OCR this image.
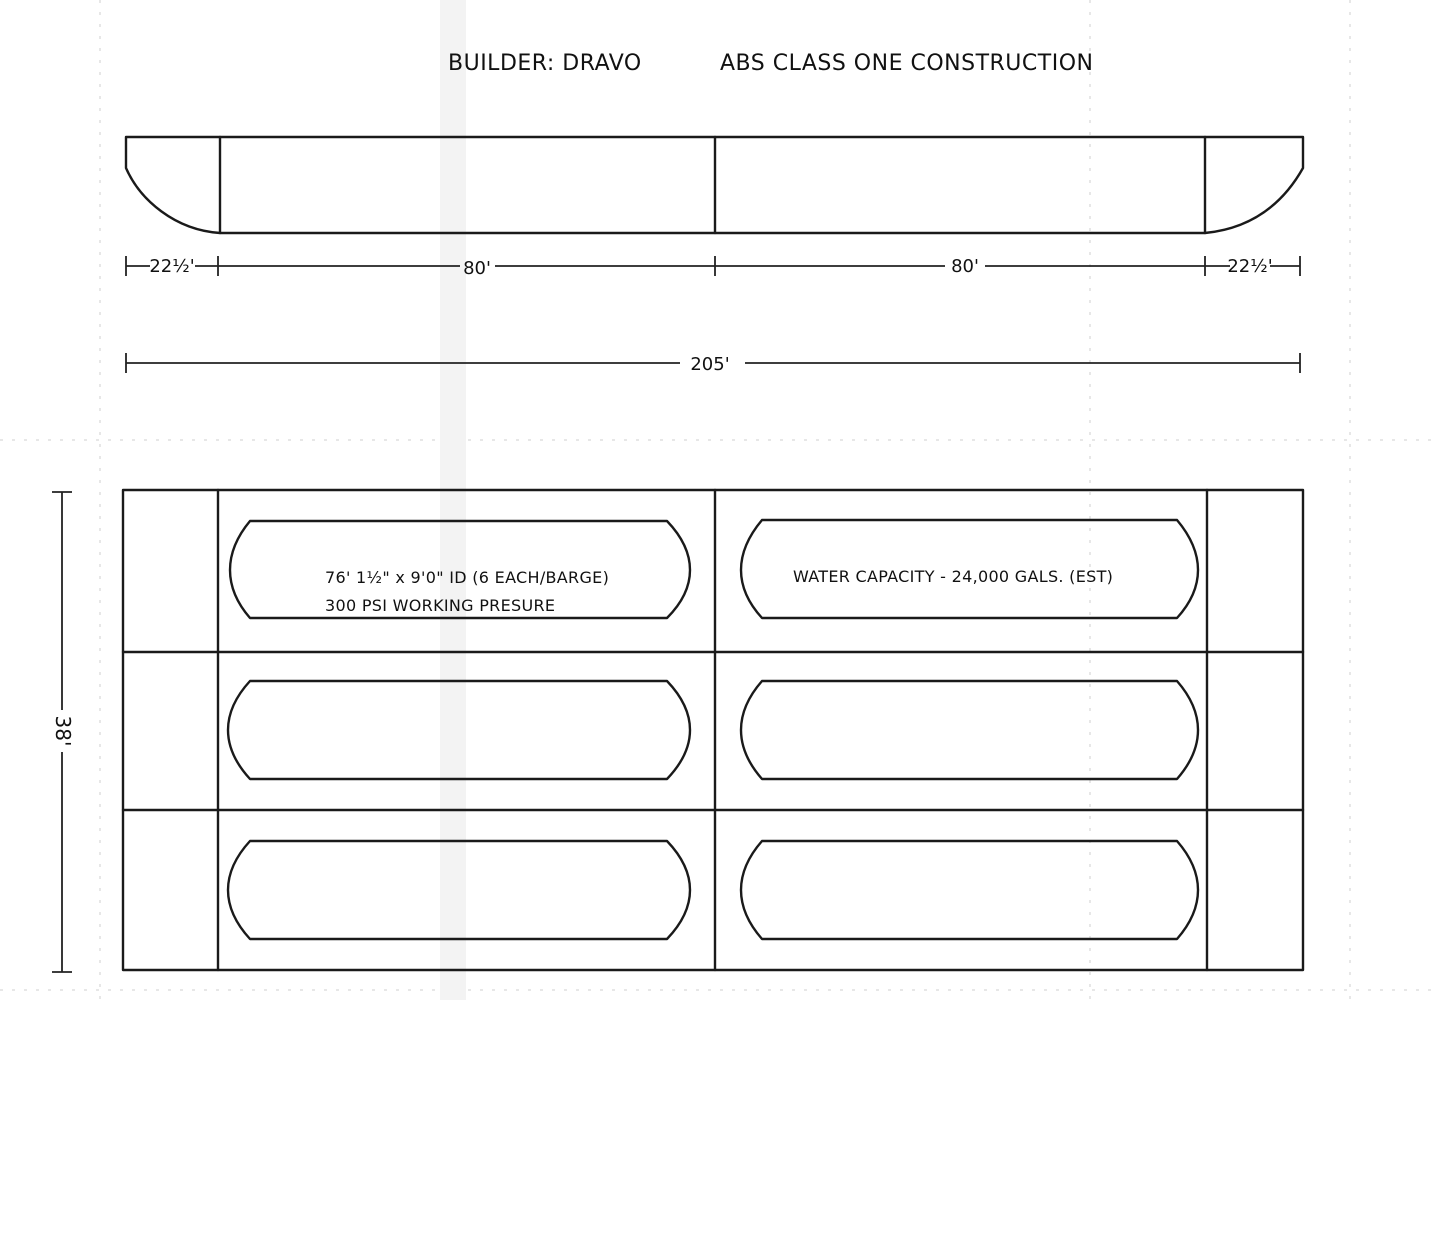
BUILDER: DRAVO	ABS CLASS ONE CONSTRUCTION
22½'	80'	80'	22½'
205'
76' 1½" x 9'0" ID (6 EACH/BARGE)
300 PSI WORKING PRESURE
WATER CAPACITY - 24,000 GALS. (EST)
38'
